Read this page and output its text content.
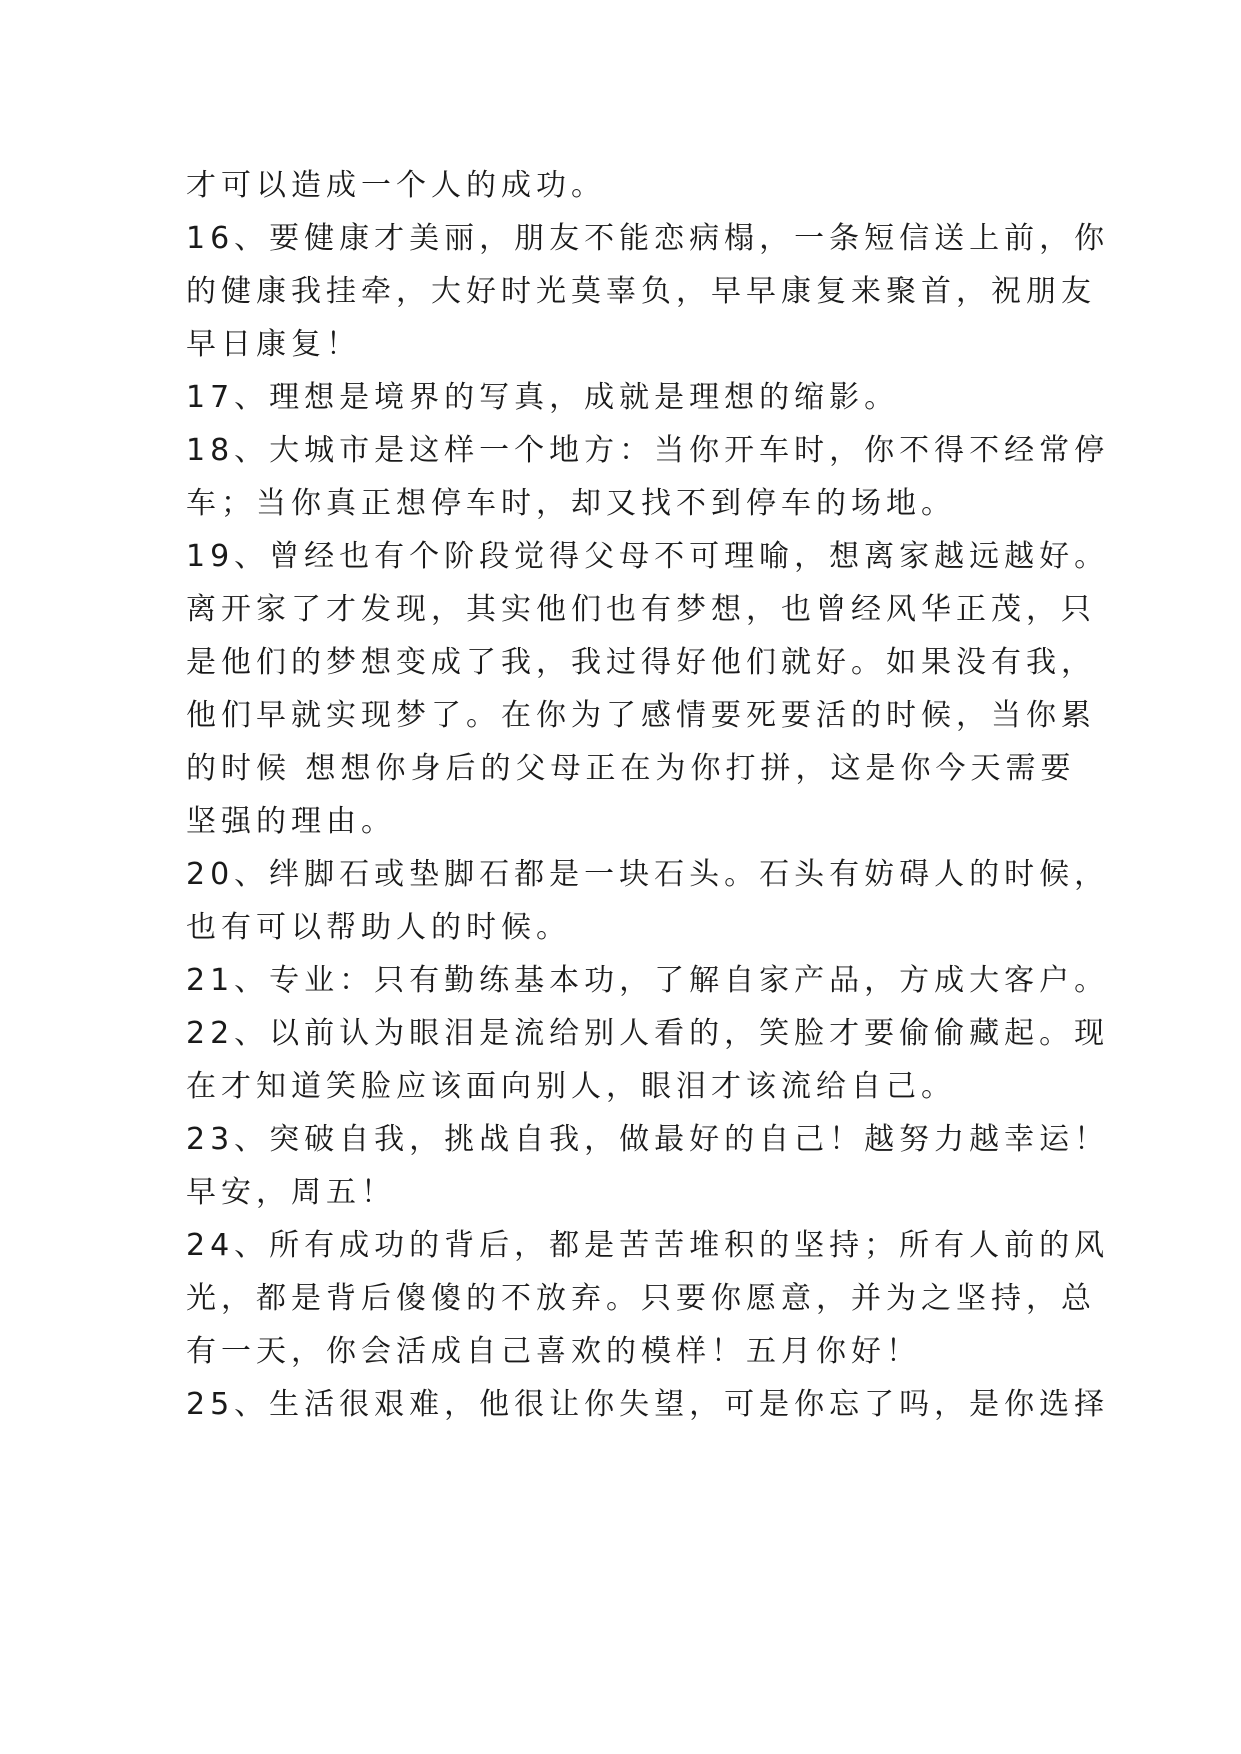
才可以造成一个人的成功。
16、要健康才美丽，朋友不能恋病榻，一条短信送上前，你
的健康我挂牵，大好时光莫辜负，早早康复来聚首，祝朋友
早日康复！
17、理想是境界的写真，成就是理想的缩影。
18、大城市是这样一个地方：当你开车时，你不得不经常停
车；当你真正想停车时，却又找不到停车的场地。
19、曾经也有个阶段觉得父母不可理喻，想离家越远越好。
离开家了才发现，其实他们也有梦想，也曾经风华正茂，只
是他们的梦想变成了我，我过得好他们就好。如果没有我，
他们早就实现梦了。在你为了感情要死要活的时候，当你累
的时候 想想你身后的父母正在为你打拼，这是你今天需要
坚强的理由。
20、绊脚石或垫脚石都是一块石头。石头有妨碍人的时候，
也有可以帮助人的时候。
21、专业：只有勤练基本功，了解自家产品，方成大客户。
22、以前认为眼泪是流给别人看的，笑脸才要偷偷藏起。现
在才知道笑脸应该面向别人，眼泪才该流给自己。
23、突破自我，挑战自我，做最好的自己！越努力越幸运！
早安，周五！
24、所有成功的背后，都是苦苦堆积的坚持；所有人前的风
光，都是背后傻傻的不放弃。只要你愿意，并为之坚持，总
有一天，你会活成自己喜欢的模样！五月你好！
25、生活很艰难，他很让你失望，可是你忘了吗，是你选择
